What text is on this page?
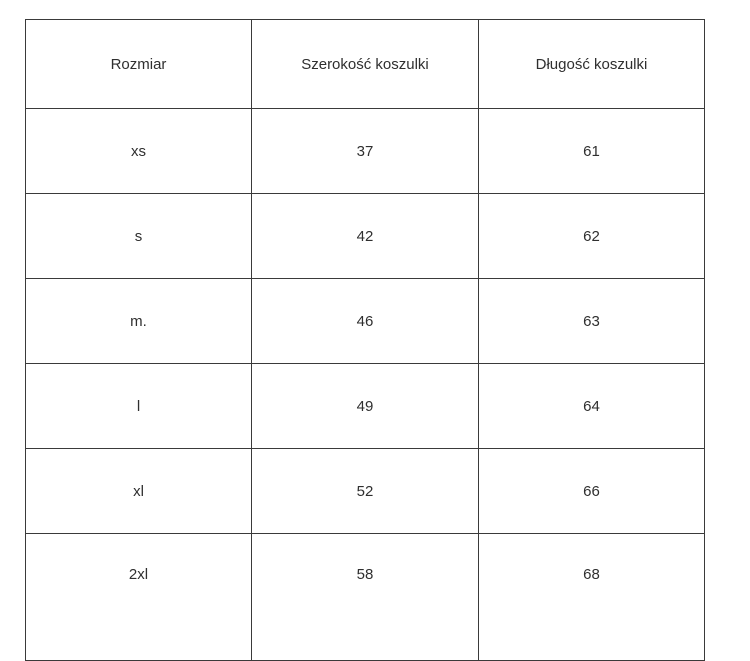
Rozmiar	Szerokość koszulki	Długość koszulki
xs	37	61
s	42	62
m.	46	63
l	49	64
xl	52	66
2xl	58	68
